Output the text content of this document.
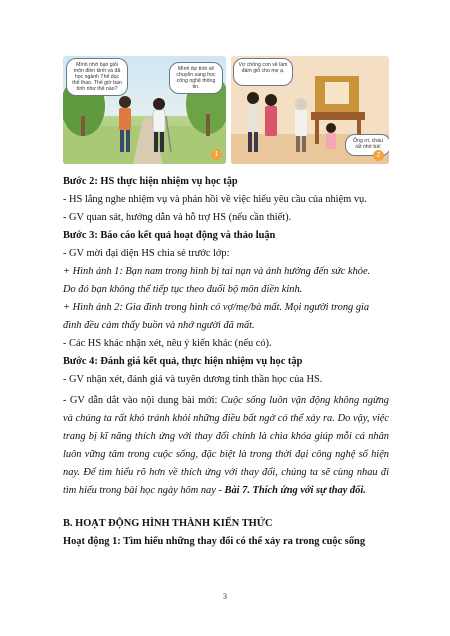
Mình nhớ bạn giỏi môn điền kinh và đã học ngành Thể dục thể thao. Thế giờ bạn tính như thế nào?
Mình dự tính sẽ chuyển sang học công nghệ thông tin.
1
Vợ chồng con về làm đám giỗ cho mẹ ạ.
Ông ơi, cháu rất nhớ bà!
2
Bước 2: HS thực hiện nhiệm vụ học tập
- HS lắng nghe nhiệm vụ và phản hồi về việc hiểu yêu cầu của nhiệm vụ.
- GV quan sát, hướng dẫn và hỗ trợ HS (nếu cần thiết).
Bước 3: Báo cáo kết quả hoạt động và thảo luận
- GV mời đại diện HS chia sẻ trước lớp:
+ Hình ảnh 1: Bạn nam trong hình bị tai nạn và ảnh hưởng đến sức khỏe.
Do đó bạn không thể tiếp tục theo đuổi bộ môn điền kinh.
+ Hình ảnh 2: Gia đình trong hình có vợ/mẹ/bà mất. Mọi người trong gia
đình đều cảm thấy buồn và nhớ người đã mất.
- Các HS khác nhận xét, nêu ý kiến khác (nếu có).
Bước 4: Đánh giá kết quả, thực hiện nhiệm vụ học tập
- GV nhận xét, đánh giá và tuyên dương tinh thần học của HS.
- GV dẫn dắt vào nội dung bài mới: Cuộc sống luôn vận động không ngừng và chúng ta rất khó tránh khỏi những điều bất ngờ có thể xảy ra. Do vậy, việc trang bị kĩ năng thích ứng với thay đổi chính là chìa khóa giúp mỗi cá nhân luôn vững tâm trong cuộc sống, đặc biệt là trong thời đại công nghệ số hiện nay. Để tìm hiểu rõ hơn về thích ứng với thay đổi, chúng ta sẽ cùng nhau đi tìm hiểu trong bài học ngày hôm nay - Bài 7. Thích ứng với sự thay đổi.
B. HOẠT ĐỘNG HÌNH THÀNH KIẾN THỨC
Hoạt động 1: Tìm hiểu những thay đổi có thể xảy ra trong cuộc sống
3
